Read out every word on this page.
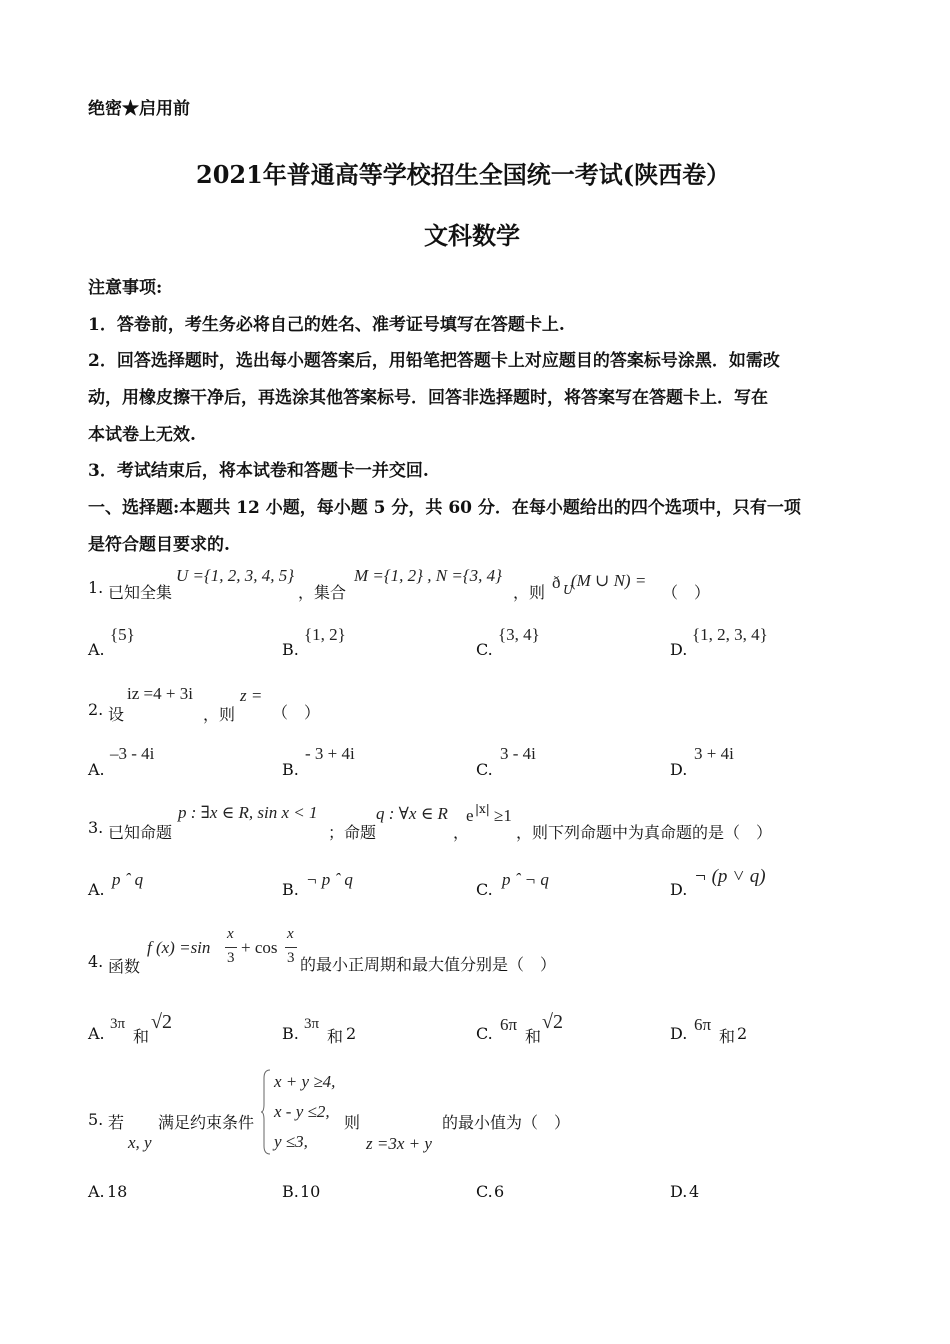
绝密★启用前
2021年普通高等学校招生全国统一考试(陕西卷）
文科数学
注意事项:
1．答卷前，考生务必将自己的姓名、准考证号填写在答题卡上.
2．回答选择题时，选出每小题答案后，用铅笔把答题卡上对应题目的答案标号涂黑．如需改
动，用橡皮擦干净后，再选涂其他答案标号．回答非选择题时，将答案写在答题卡上．写在
本试卷上无效.
3．考试结束后，将本试卷和答题卡一并交回.
一、选择题:本题共 12 小题，每小题 5 分，共 60 分．在每小题给出的四个选项中，只有一项
是符合题目要求的.
1. 已知全集
U ={1, 2, 3, 4, 5}
，集合
M ={1, 2} , N ={3, 4}
，则
ð U
(M ∪ N) =
（　）
A.
{5}
B.
{1, 2}
C.
{3, 4}
D.
{1, 2, 3, 4}
2. 设
iz =4 + 3i
，则
z =
（　）
A.
–3 - 4i
B.
- 3 + 4i
C.
3 - 4i
D.
3 + 4i
3. 已知命题
p : ∃x ∈ R, sin x < 1
；命题
q : ∀x ∈ R
，
e |x| ≥1
，则下列命题中为真命题的是（　）
A.
p ˆ q
B.
¬ p ˆ q
C.
p ˆ ¬ q
D.
¬ (p ˅ q)
4. 函数
f (x) =sin
x
3
+ cos
x
3 的最小正周期和最大值分别是（　）
A. 3π
和
√2
B. 3π
和 2	C. 6π
和
√2
D. 6π
和 2
5. 若
x, y
满足约束条件
x + y ≥4,
x - y ≤2,
y ≤3,
则
z =3x + y
的最小值为（　）
A. 18	B. 10	C. 6	D. 4
